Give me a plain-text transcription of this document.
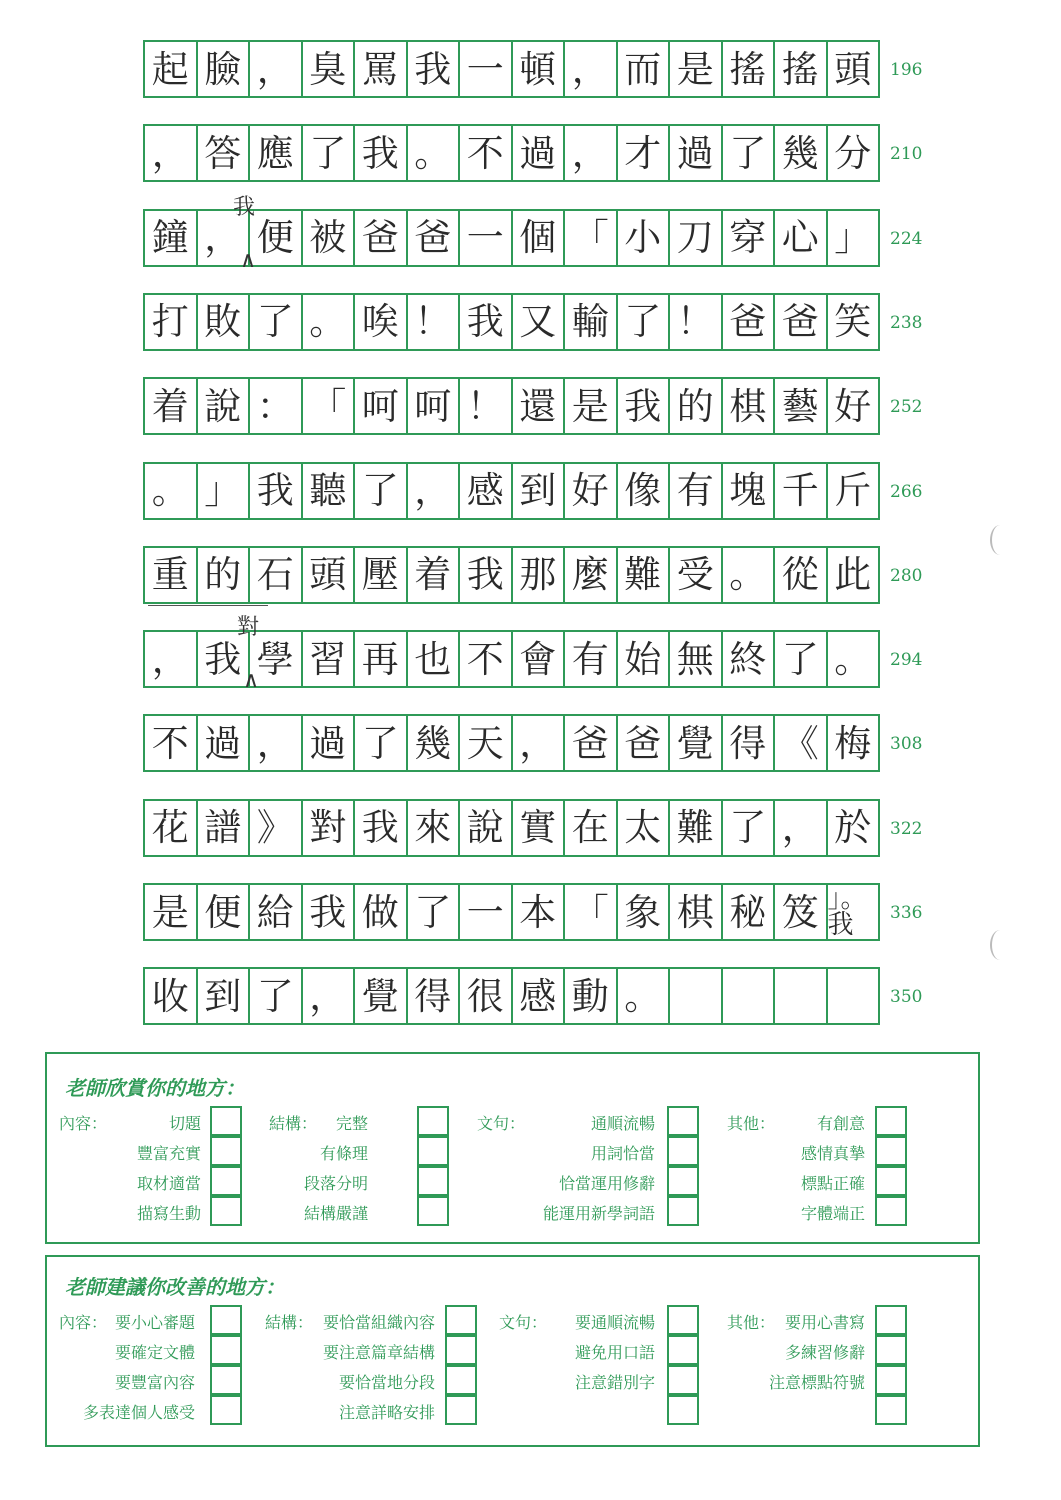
起 臉 ， 臭 罵 我 一 頓 ， 而 是 搖 搖 頭	196
， 答 應 了 我 。 不 過 ， 才 過 了 幾 分	210
鐘 ， 便 被 爸 爸 一 個 「 小 刀 穿 心 」	224
打 敗 了 。 唉 ！ 我 又 輸 了 ！ 爸 爸 笑	238
着 說 ： 「 呵 呵 ！ 還 是 我 的 棋 藝 好	252
。 」 我 聽 了 ， 感 到 好 像 有 塊 千 斤	266
重 的 石 頭 壓 着 我 那 麼 難 受 。 從 此	280
， 我 學 習 再 也 不 會 有 始 無 終 了 。	294
不 過 ， 過 了 幾 天 ， 爸 爸 覺 得 《 梅	308
花 譜 》 對 我 來 說 實 在 太 難 了 ， 於	322
是 便 給 我 做 了 一 本 「 象 棋 秘 笈 」。我	336
收 到 了 ， 覺 得 很 感 動 。	350
我
∧
對
∧
老師欣賞你的地方：
內容：	切題
豐富充實
取材適當
描寫生動
結構： 完整
有條理
段落分明
結構嚴謹
文句：	通順流暢
用詞恰當
恰當運用修辭
能運用新學詞語
其他：	有創意
感情真摯
標點正確
字體端正
老師建議你改善的地方：
內容： 要小心審題
要確定文體
要豐富內容
多表達個人感受
結構： 要恰當組織內容
要注意篇章結構
要恰當地分段
注意詳略安排
文句： 要通順流暢
避免用口語
注意錯別字
其他： 要用心書寫
多練習修辭
注意標點符號
